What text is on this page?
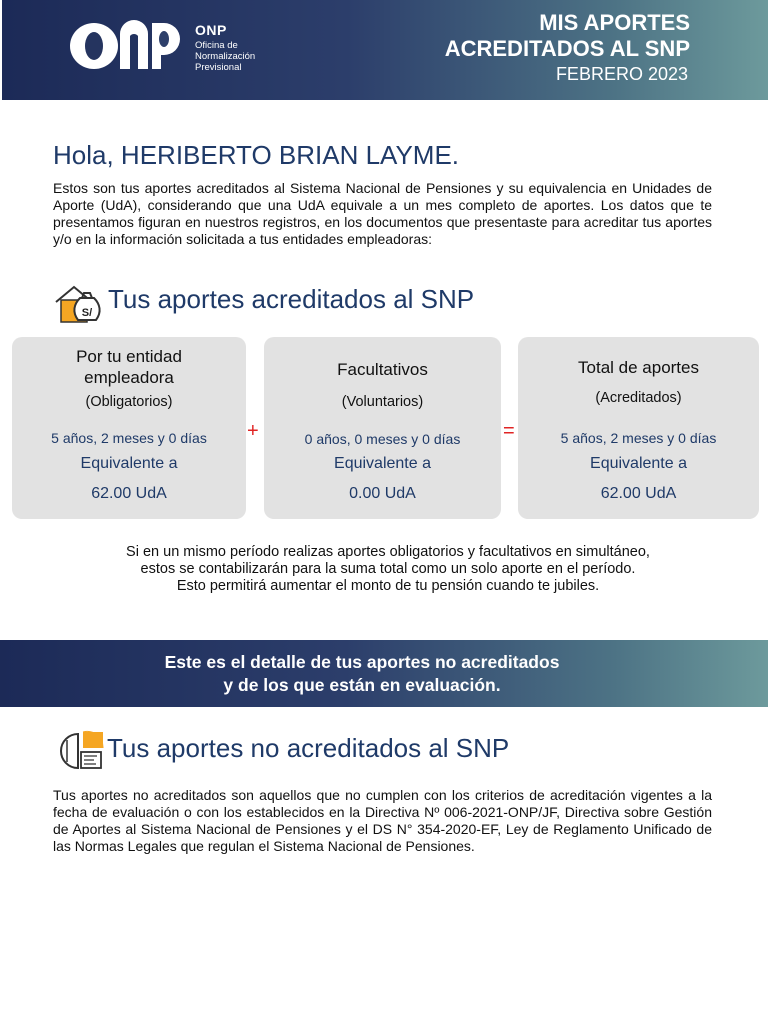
ONP
Oficina de
Normalización
Previsional
MIS APORTES
ACREDITADOS AL SNP
FEBRERO 2023
Hola, HERIBERTO BRIAN LAYME.
Estos son tus aportes acreditados al Sistema Nacional de Pensiones y su equivalencia en Unidades de Aporte (UdA), considerando que una UdA equivale a un mes completo de aportes. Los datos que te presentamos figuran en nuestros registros, en los documentos que presentaste para acreditar tus aportes y/o en la información solicitada a tus entidades empleadoras:
S/ Tus aportes acreditados al SNP
Por tu entidad
empleadora
(Obligatorios)
5 años, 2 meses y 0 días
Equivalente a
62.00 UdA
+
Facultativos
(Voluntarios)
0 años, 0 meses y 0 días
Equivalente a
0.00 UdA
=
Total de aportes
(Acreditados)
5 años, 2 meses y 0 días
Equivalente a
62.00 UdA
Si en un mismo período realizas aportes obligatorios y facultativos en simultáneo,
estos se contabilizarán para la suma total como un solo aporte en el período.
Esto permitirá aumentar el monto de tu pensión cuando te jubiles.
Este es el detalle de tus aportes no acreditados
y de los que están en evaluación.
Tus aportes no acreditados al SNP
Tus aportes no acreditados son aquellos que no cumplen con los criterios de acreditación vigentes a la fecha de evaluación o con los establecidos en la Directiva Nº 006-2021-ONP/JF, Directiva sobre Gestión de Aportes al Sistema Nacional de Pensiones y el DS N° 354-2020-EF, Ley de Reglamento Unificado de las Normas Legales que regulan el Sistema Nacional de Pensiones.
